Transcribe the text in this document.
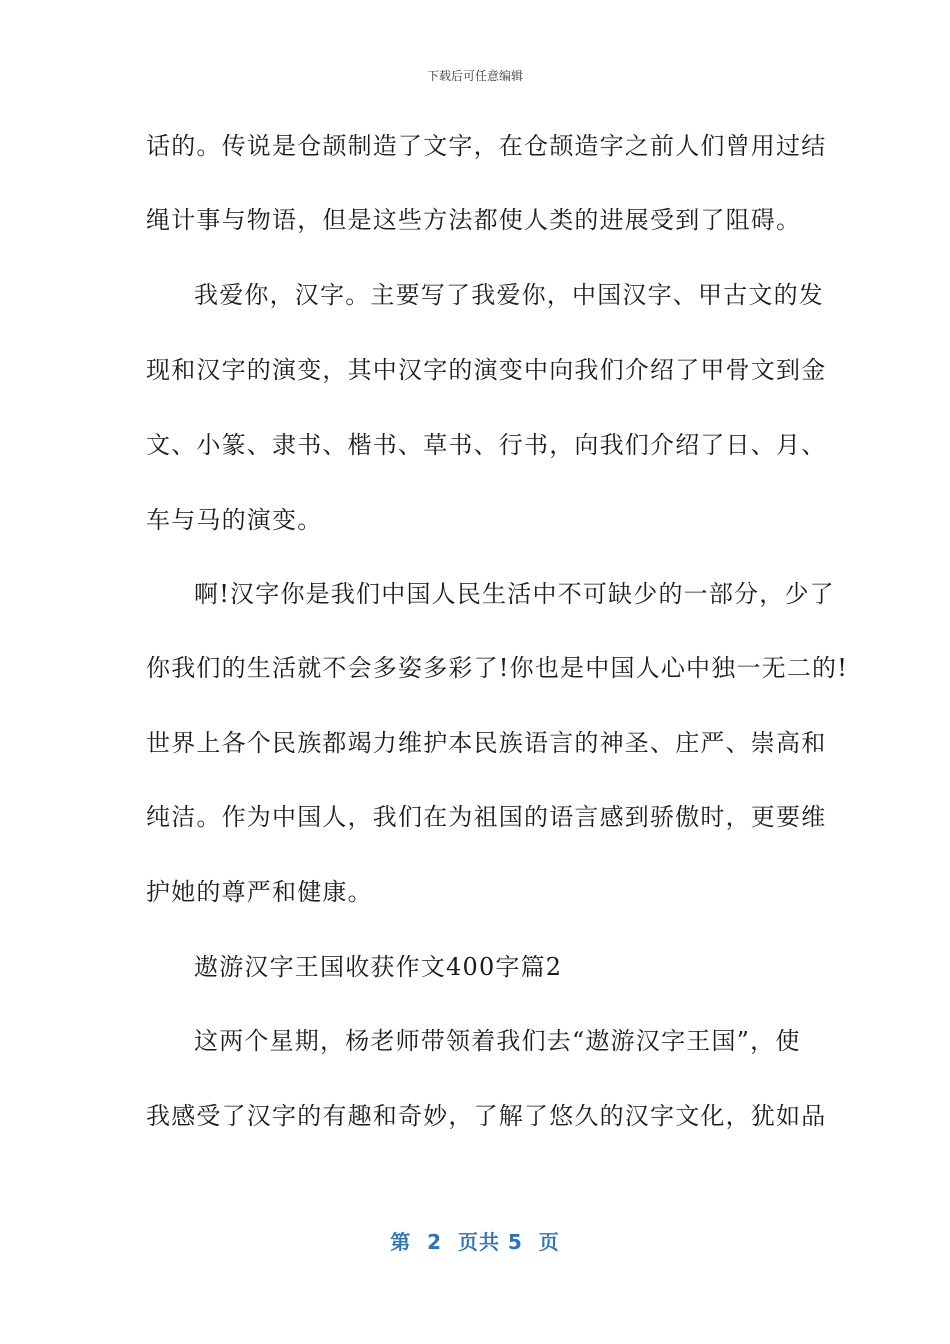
下载后可任意编辑
话的。传说是仓颉制造了文字，在仓颉造字之前人们曾用过结
绳计事与物语，但是这些方法都使人类的进展受到了阻碍。
我爱你，汉字。主要写了我爱你，中国汉字、甲古文的发
现和汉字的演变，其中汉字的演变中向我们介绍了甲骨文到金
文、小篆、隶书、楷书、草书、行书，向我们介绍了日、月、
车与马的演变。
啊!汉字你是我们中国人民生活中不可缺少的一部分，少了
你我们的生活就不会多姿多彩了!你也是中国人心中独一无二的!
世界上各个民族都竭力维护本民族语言的神圣、庄严、崇高和
纯洁。作为中国人，我们在为祖国的语言感到骄傲时，更要维
护她的尊严和健康。
遨游汉字王国收获作文400字篇2
这两个星期，杨老师带领着我们去“遨游汉字王国”，使
我感受了汉字的有趣和奇妙，了解了悠久的汉字文化，犹如品
第  2  页共 5  页
